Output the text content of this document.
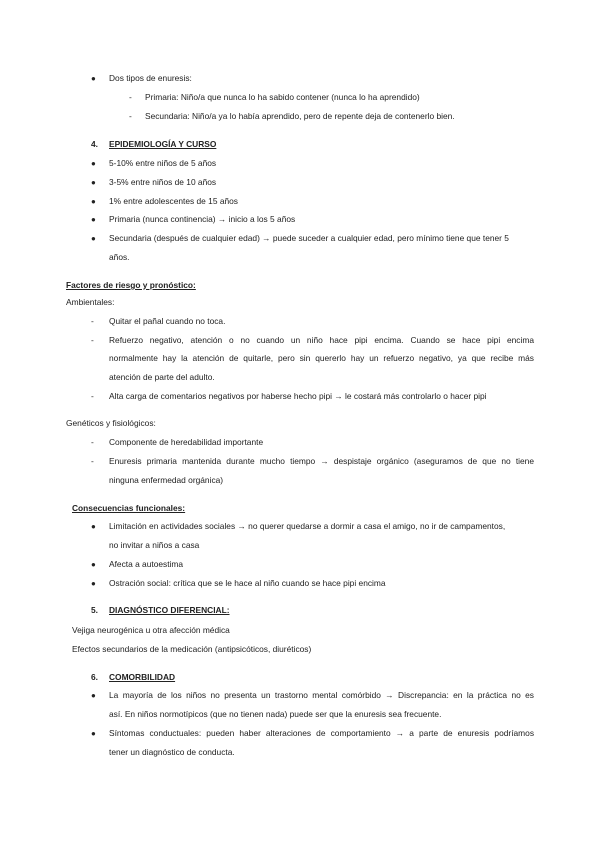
● Dos tipos de enuresis:
- Primaria: Niño/a que nunca lo ha sabido contener (nunca lo ha aprendido)
- Secundaria: Niño/a ya lo había aprendido, pero de repente deja de contenerlo bien.
4. EPIDEMIOLOGÍA Y CURSO
● 5-10% entre niños de 5 años
● 3-5% entre niños de 10 años
● 1% entre adolescentes de 15 años
● Primaria (nunca continencia) → inicio a los 5 años
● Secundaria (después de cualquier edad) → puede suceder a cualquier edad, pero mínimo tiene que tener 5
años.
Factores de riesgo y pronóstico:
Ambientales:
- Quitar el pañal cuando no toca.
- Refuerzo negativo, atención o no cuando un niño hace pipi encima. Cuando se hace pipi encima
normalmente hay la atención de quitarle, pero sin quererlo hay un refuerzo negativo, ya que recibe más
atención de parte del adulto.
- Alta carga de comentarios negativos por haberse hecho pipi → le costará más controlarlo o hacer pipi
Genéticos y fisiológicos:
- Componente de heredabilidad importante
- Enuresis primaria mantenida durante mucho tiempo → despistaje orgánico (aseguramos de que no tiene
ninguna enfermedad orgánica)
Consecuencias funcionales:
● Limitación en actividades sociales → no querer quedarse a dormir a casa el amigo, no ir de campamentos,
no invitar a niños a casa
● Afecta a autoestima
● Ostración social: crítica que se le hace al niño cuando se hace pipi encima
5. DIAGNÓSTICO DIFERENCIAL:
Vejiga neurogénica u otra afección médica
Efectos secundarios de la medicación (antipsicóticos, diuréticos)
6. COMORBILIDAD
● La mayoría de los niños no presenta un trastorno mental comórbido → Discrepancia: en la práctica no es
así. En niños normotípicos (que no tienen nada) puede ser que la enuresis sea frecuente.
● Síntomas conductuales: pueden haber alteraciones de comportamiento → a parte de enuresis podríamos
tener un diagnóstico de conducta.
